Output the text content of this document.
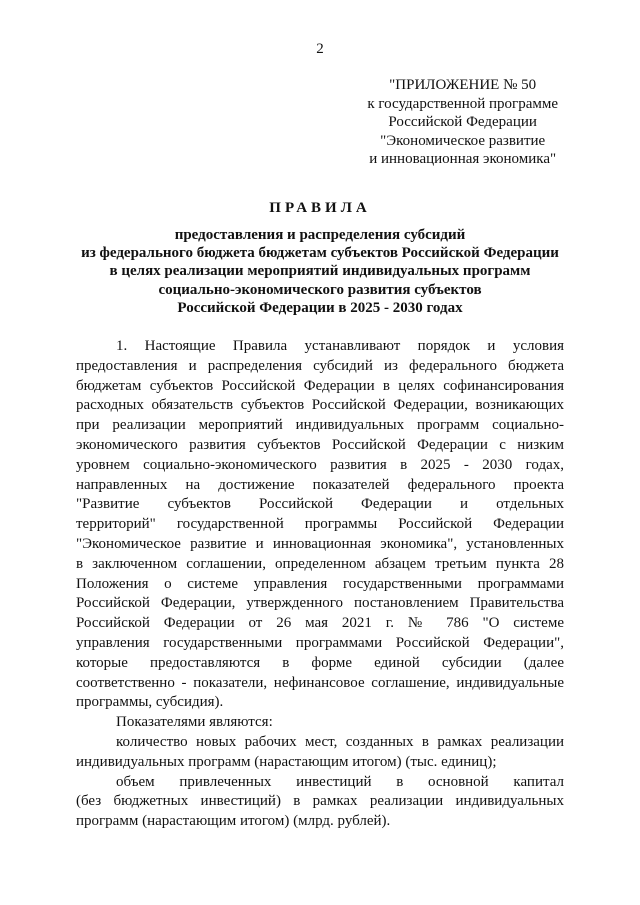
2
"ПРИЛОЖЕНИЕ № 50
к государственной программе
Российской Федерации
"Экономическое развитие
и инновационная экономика"
ПРАВИЛА
предоставления и распределения субсидий
из федерального бюджета бюджетам субъектов Российской Федерации
в целях реализации мероприятий индивидуальных программ
социально-экономического развития субъектов
Российской Федерации в 2025 - 2030 годах
1. Настоящие Правила устанавливают порядок и условия
предоставления и распределения субсидий из федерального бюджета
бюджетам субъектов Российской Федерации в целях софинансирования
расходных обязательств субъектов Российской Федерации, возникающих
при реализации мероприятий индивидуальных программ социально-
экономического развития субъектов Российской Федерации с низким
уровнем социально-экономического развития в 2025 - 2030 годах,
направленных на достижение показателей федерального проекта
"Развитие субъектов Российской Федерации и отдельных
территорий" государственной программы Российской Федерации
"Экономическое развитие и инновационная экономика", установленных
в заключенном соглашении, определенном абзацем третьим пункта 28
Положения о системе управления государственными программами
Российской Федерации, утвержденного постановлением Правительства
Российской Федерации от 26 мая 2021 г. № 786 "О системе
управления государственными программами Российской Федерации",
которые предоставляются в форме единой субсидии (далее
соответственно - показатели, нефинансовое соглашение, индивидуальные
программы, субсидия).
Показателями являются:
количество новых рабочих мест, созданных в рамках реализации
индивидуальных программ (нарастающим итогом) (тыс. единиц);
объем привлеченных инвестиций в основной капитал
(без бюджетных инвестиций) в рамках реализации индивидуальных
программ (нарастающим итогом) (млрд. рублей).
